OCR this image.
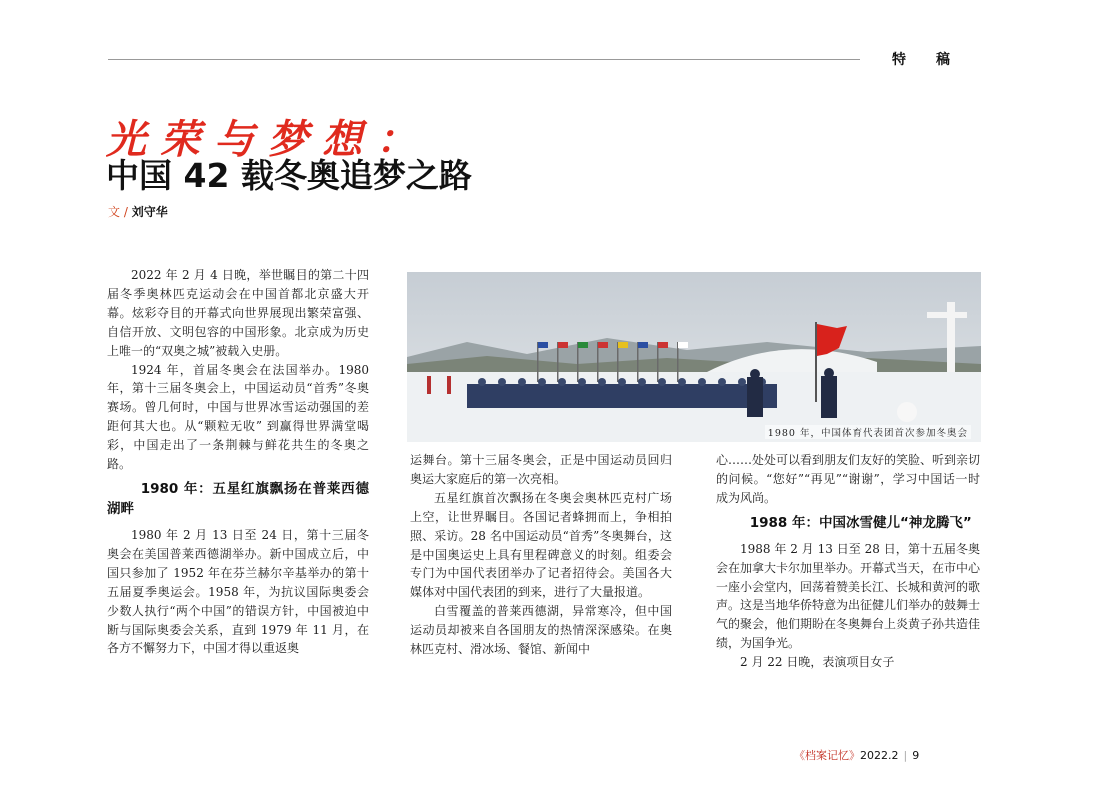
特稿
光荣与梦想：
中国 42 载冬奥追梦之路
文 / 刘守华
1980 年，中国体育代表团首次参加冬奥会

2022 年 2 月 4 日晚，举世瞩目的第二十四届冬季奥林匹克运动会在中国首都北京盛大开幕。炫彩夺目的开幕式向世界展现出繁荣富强、自信开放、文明包容的中国形象。北京成为历史上唯一的“双奥之城”被载入史册。

1924 年，首届冬奥会在法国举办。1980 年，第十三届冬奥会上，中国运动员“首秀”冬奥赛场。曾几何时，中国与世界冰雪运动强国的差距何其大也。从“颗粒无收” 到赢得世界满堂喝彩，中国走出了一条荆棘与鲜花共生的冬奥之路。

1980 年：五星红旗飘扬在普莱西德湖畔

1980 年 2 月 13 日至 24 日，第十三届冬奥会在美国普莱西德湖举办。新中国成立后，中国只参加了 1952 年在芬兰赫尔辛基举办的第十五届夏季奥运会。1958 年，为抗议国际奥委会少数人执行“两个中国”的错误方针，中国被迫中断与国际奥委会关系，直到 1979 年 11 月，在各方不懈努力下，中国才得以重返奥

运舞台。第十三届冬奥会，正是中国运动员回归奥运大家庭后的第一次亮相。

五星红旗首次飘扬在冬奥会奥林匹克村广场上空，让世界瞩目。各国记者蜂拥而上，争相拍照、采访。28 名中国运动员“首秀”冬奥舞台，这是中国奥运史上具有里程碑意义的时刻。组委会专门为中国代表团举办了记者招待会。美国各大媒体对中国代表团的到来，进行了大量报道。

白雪覆盖的普莱西德湖，异常寒冷，但中国运动员却被来自各国朋友的热情深深感染。在奥林匹克村、滑冰场、餐馆、新闻中

心……处处可以看到朋友们友好的笑脸、听到亲切的问候。“您好”“再见”“谢谢”，学习中国话一时成为风尚。

1988 年：中国冰雪健儿“神龙腾飞”

1988 年 2 月 13 日至 28 日，第十五届冬奥会在加拿大卡尔加里举办。开幕式当天，在市中心一座小会堂内，回荡着赞美长江、长城和黄河的歌声。这是当地华侨特意为出征健儿们举办的鼓舞士气的聚会，他们期盼在冬奥舞台上炎黄子孙共造佳绩，为国争光。

2 月 22 日晚，表演项目女子

《档案记忆》2022.2 | 9
